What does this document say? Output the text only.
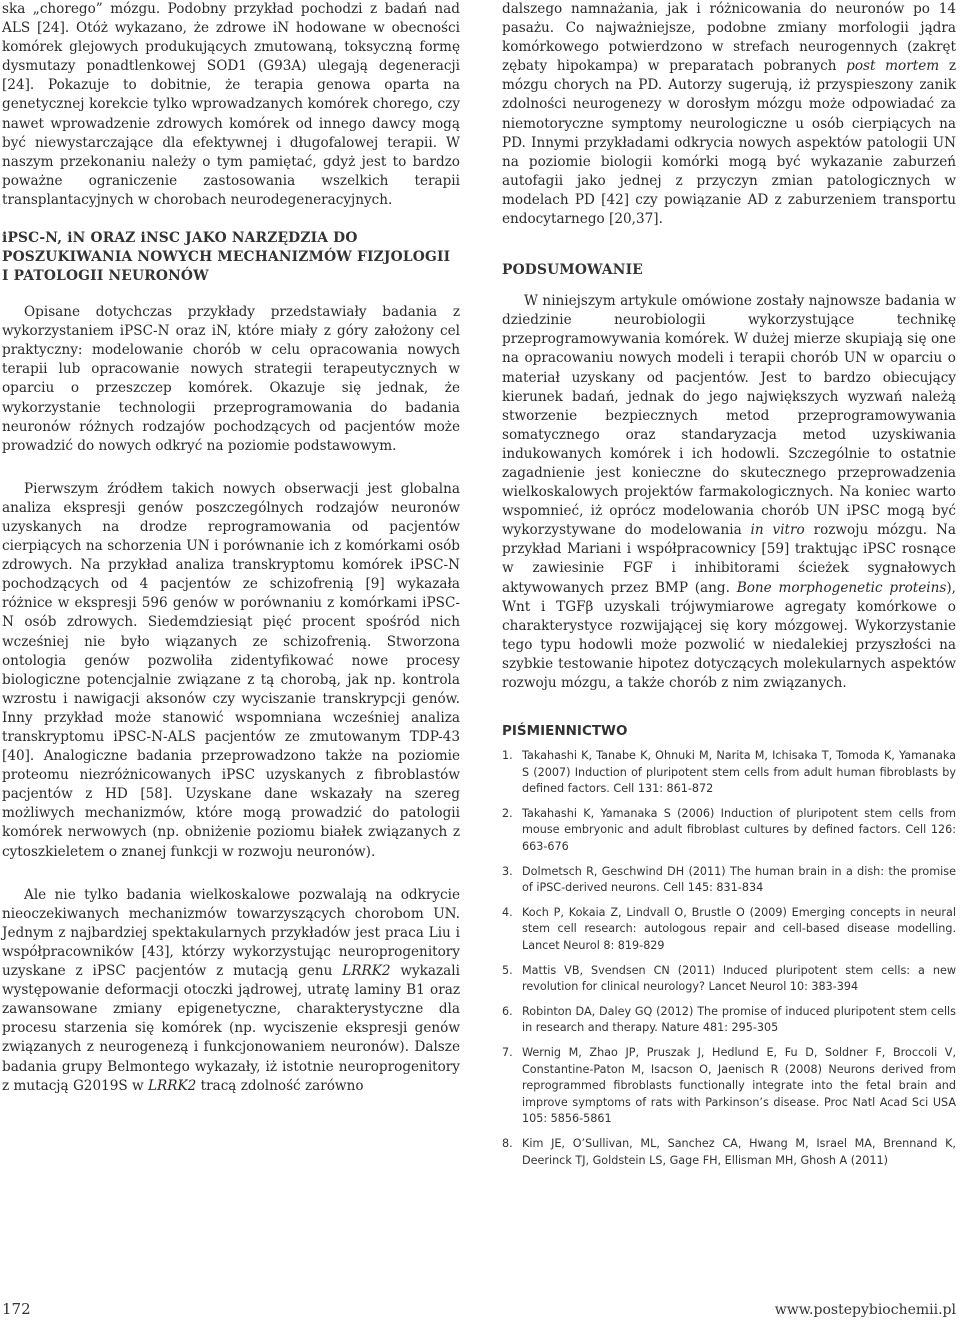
ska „chorego” mózgu. Podobny przykład pochodzi z badań nad ALS [24]. Otóż wykazano, że zdrowe iN hodowane w obecności komórek glejowych produkujących zmutowaną, toksyczną formę dysmutazy ponadtlenkowej SOD1 (G93A) ulegają degeneracji [24]. Pokazuje to dobitnie, że terapia genowa oparta na genetycznej korekcie tylko wprowadzanych komórek chorego, czy nawet wprowadzenie zdrowych komórek od innego dawcy mogą być niewystarczające dla efektywnej i długofalowej terapii. W naszym przekonaniu należy o tym pamiętać, gdyż jest to bardzo poważne ograniczenie zastosowania wszelkich terapii transplantacyjnych w chorobach neurodegeneracyjnych.

iPSC-N, iN ORAZ iNSC JAKO NARZĘDZIA DO POSZUKIWANIA NOWYCH MECHANIZMÓW FIZJOLOGII I PATOLOGII NEURONÓW

Opisane dotychczas przykłady przedstawiały badania z wykorzystaniem iPSC-N oraz iN, które miały z góry założony cel praktyczny: modelowanie chorób w celu opracowania nowych terapii lub opracowanie nowych strategii terapeutycznych w oparciu o przeszczep komórek. Okazuje się jednak, że wykorzystanie technologii przeprogramowania do badania neuronów różnych rodzajów pochodzących od pacjentów może prowadzić do nowych odkryć na poziomie podstawowym.

Pierwszym źródłem takich nowych obserwacji jest globalna analiza ekspresji genów poszczególnych rodzajów neuronów uzyskanych na drodze reprogramowania od pacjentów cierpiących na schorzenia UN i porównanie ich z komórkami osób zdrowych. Na przykład analiza transkryptomu komórek iPSC-N pochodzących od 4 pacjentów ze schizofrenią [9] wykazała różnice w ekspresji 596 genów w porównaniu z komórkami iPSC-N osób zdrowych. Siedemdziesiąt pięć procent spośród nich wcześniej nie było wiązanych ze schizofrenią. Stworzona ontologia genów pozwoliła zidentyfikować nowe procesy biologiczne potencjalnie związane z tą chorobą, jak np. kontrola wzrostu i nawigacji aksonów czy wyciszanie transkrypcji genów. Inny przykład może stanowić wspomniana wcześniej analiza transkryptomu iPSC-N-ALS pacjentów ze zmutowanym TDP-43 [40]. Analogiczne badania przeprowadzono także na poziomie proteomu niezróżnicowanych iPSC uzyskanych z fibroblastów pacjentów z HD [58]. Uzyskane dane wskazały na szereg możliwych mechanizmów, które mogą prowadzić do patologii komórek nerwowych (np. obniżenie poziomu białek związanych z cytoszkieletem o znanej funkcji w rozwoju neuronów).

Ale nie tylko badania wielkoskalowe pozwalają na odkrycie nieoczekiwanych mechanizmów towarzyszących chorobom UN. Jednym z najbardziej spektakularnych przykładów jest praca Liu i współpracowników [43], którzy wykorzystując neuroprogenitory uzyskane z iPSC pacjentów z mutacją genu LRRK2 wykazali występowanie deformacji otoczki jądrowej, utratę laminy B1 oraz zawansowane zmiany epigenetyczne, charakterystyczne dla procesu starzenia się komórek (np. wyciszenie ekspresji genów związanych z neurogenezą i funkcjonowaniem neuronów). Dalsze badania grupy Belmontego wykazały, iż istotnie neuroprogenitory z mutacją G2019S w LRRK2 tracą zdolność zarówno

dalszego namnażania, jak i różnicowania do neuronów po 14 pasażu. Co najważniejsze, podobne zmiany morfologii jądra komórkowego potwierdzono w strefach neurogennych (zakręt zębaty hipokampa) w preparatach pobranych post mortem z mózgu chorych na PD. Autorzy sugerują, iż przyspieszony zanik zdolności neurogenezy w dorosłym mózgu może odpowiadać za niemotoryczne symptomy neurologiczne u osób cierpiących na PD. Innymi przykładami odkrycia nowych aspektów patologii UN na poziomie biologii komórki mogą być wykazanie zaburzeń autofagii jako jednej z przyczyn zmian patologicznych w modelach PD [42] czy powiązanie AD z zaburzeniem transportu endocytarnego [20,37].

PODSUMOWANIE

W niniejszym artykule omówione zostały najnowsze badania w dziedzinie neurobiologii wykorzystujące technikę przeprogramowywania komórek. W dużej mierze skupiają się one na opracowaniu nowych modeli i terapii chorób UN w oparciu o materiał uzyskany od pacjentów. Jest to bardzo obiecujący kierunek badań, jednak do jego największych wyzwań należą stworzenie bezpiecznych metod przeprogramowywania somatycznego oraz standaryzacja metod uzyskiwania indukowanych komórek i ich hodowli. Szczególnie to ostatnie zagadnienie jest konieczne do skutecznego przeprowadzenia wielkoskalowych projektów farmakologicznych. Na koniec warto wspomnieć, iż oprócz modelowania chorób UN iPSC mogą być wykorzystywane do modelowania in vitro rozwoju mózgu. Na przykład Mariani i współpracownicy [59] traktując iPSC rosnące w zawiesinie FGF i inhibitorami ścieżek sygnałowych aktywowanych przez BMP (ang. Bone morphogenetic proteins), Wnt i TGFβ uzyskali trójwymiarowe agregaty komórkowe o charakterystyce rozwijającej się kory mózgowej. Wykorzystanie tego typu hodowli może pozwolić w niedalekiej przyszłości na szybkie testowanie hipotez dotyczących molekularnych aspektów rozwoju mózgu, a także chorób z nim związanych.

PIŚMIENNICTWO
1. Takahashi K, Tanabe K, Ohnuki M, Narita M, Ichisaka T, Tomoda K, Yamanaka S (2007) Induction of pluripotent stem cells from adult human fibroblasts by defined factors. Cell 131: 861-872
2. Takahashi K, Yamanaka S (2006) Induction of pluripotent stem cells from mouse embryonic and adult fibroblast cultures by defined factors. Cell 126: 663-676
3. Dolmetsch R, Geschwind DH (2011) The human brain in a dish: the promise of iPSC-derived neurons. Cell 145: 831-834
4. Koch P, Kokaia Z, Lindvall O, Brustle O (2009) Emerging concepts in neural stem cell research: autologous repair and cell-based disease modelling. Lancet Neurol 8: 819-829
5. Mattis VB, Svendsen CN (2011) Induced pluripotent stem cells: a new revolution for clinical neurology? Lancet Neurol 10: 383-394
6. Robinton DA, Daley GQ (2012) The promise of induced pluripotent stem cells in research and therapy. Nature 481: 295-305
7. Wernig M, Zhao JP, Pruszak J, Hedlund E, Fu D, Soldner F, Broccoli V, Constantine-Paton M, Isacson O, Jaenisch R (2008) Neurons derived from reprogrammed fibroblasts functionally integrate into the fetal brain and improve symptoms of rats with Parkinson’s disease. Proc Natl Acad Sci USA 105: 5856-5861
8. Kim JE, O’Sullivan, ML, Sanchez CA, Hwang M, Israel MA, Brennand K, Deerinck TJ, Goldstein LS, Gage FH, Ellisman MH, Ghosh A (2011)
172	www.postepybiochemii.pl
